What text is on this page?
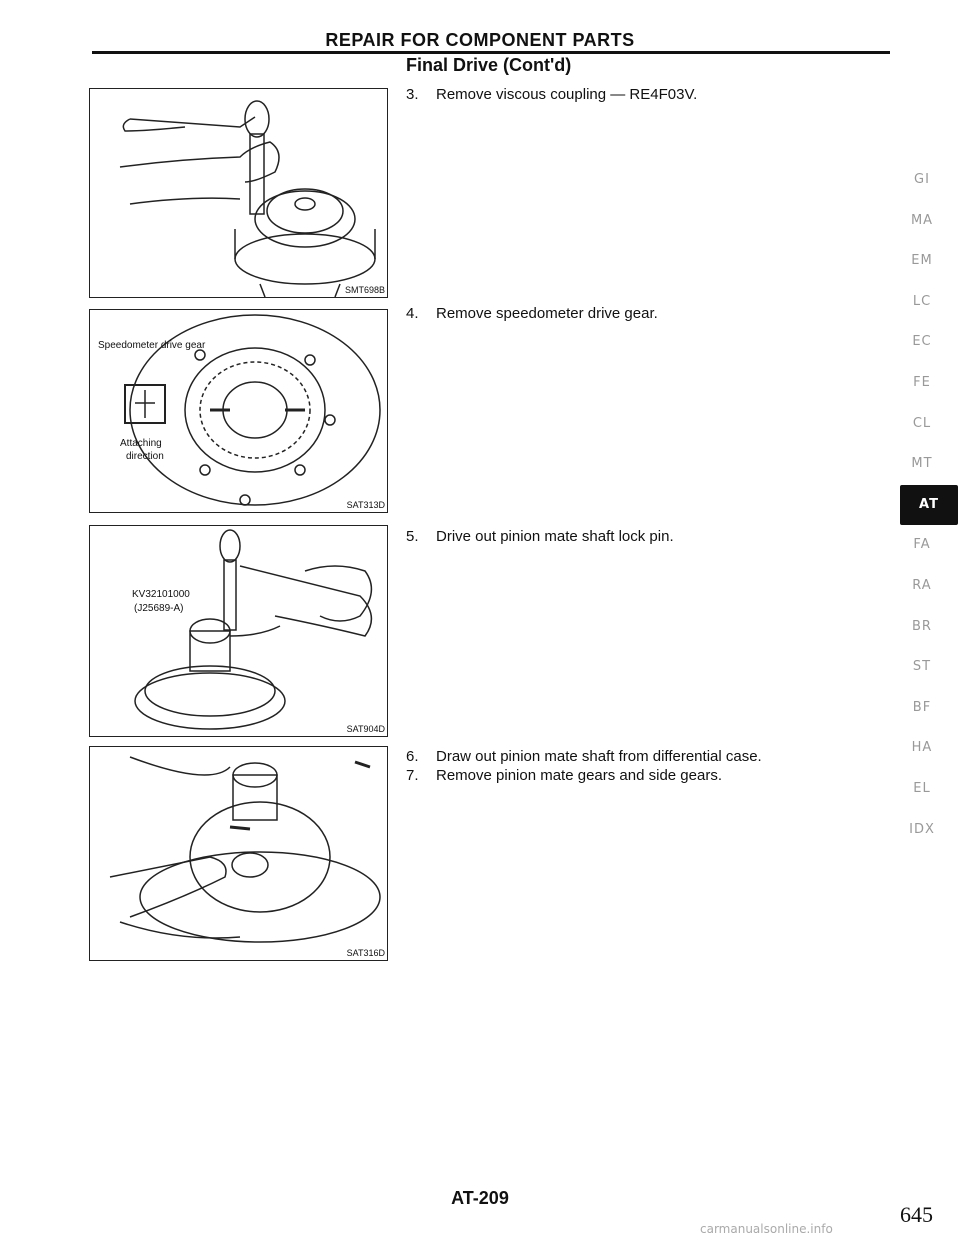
REPAIR FOR COMPONENT PARTS
Final Drive (Cont'd)
SMT698B
Speedometer drive gear
Attaching
direction
SAT313D
KV32101000
(J25689-A)
SAT904D
SAT316D
3. Remove viscous coupling — RE4F03V.
4. Remove speedometer drive gear.
5. Drive out pinion mate shaft lock pin.
6. Draw out pinion mate shaft from differential case.
7. Remove pinion mate gears and side gears.
GI
MA
EM
LC
EC
FE
CL
MT
AT
FA
RA
BR
ST
BF
HA
EL
IDX
AT-209
645
carmanualsonline.info
